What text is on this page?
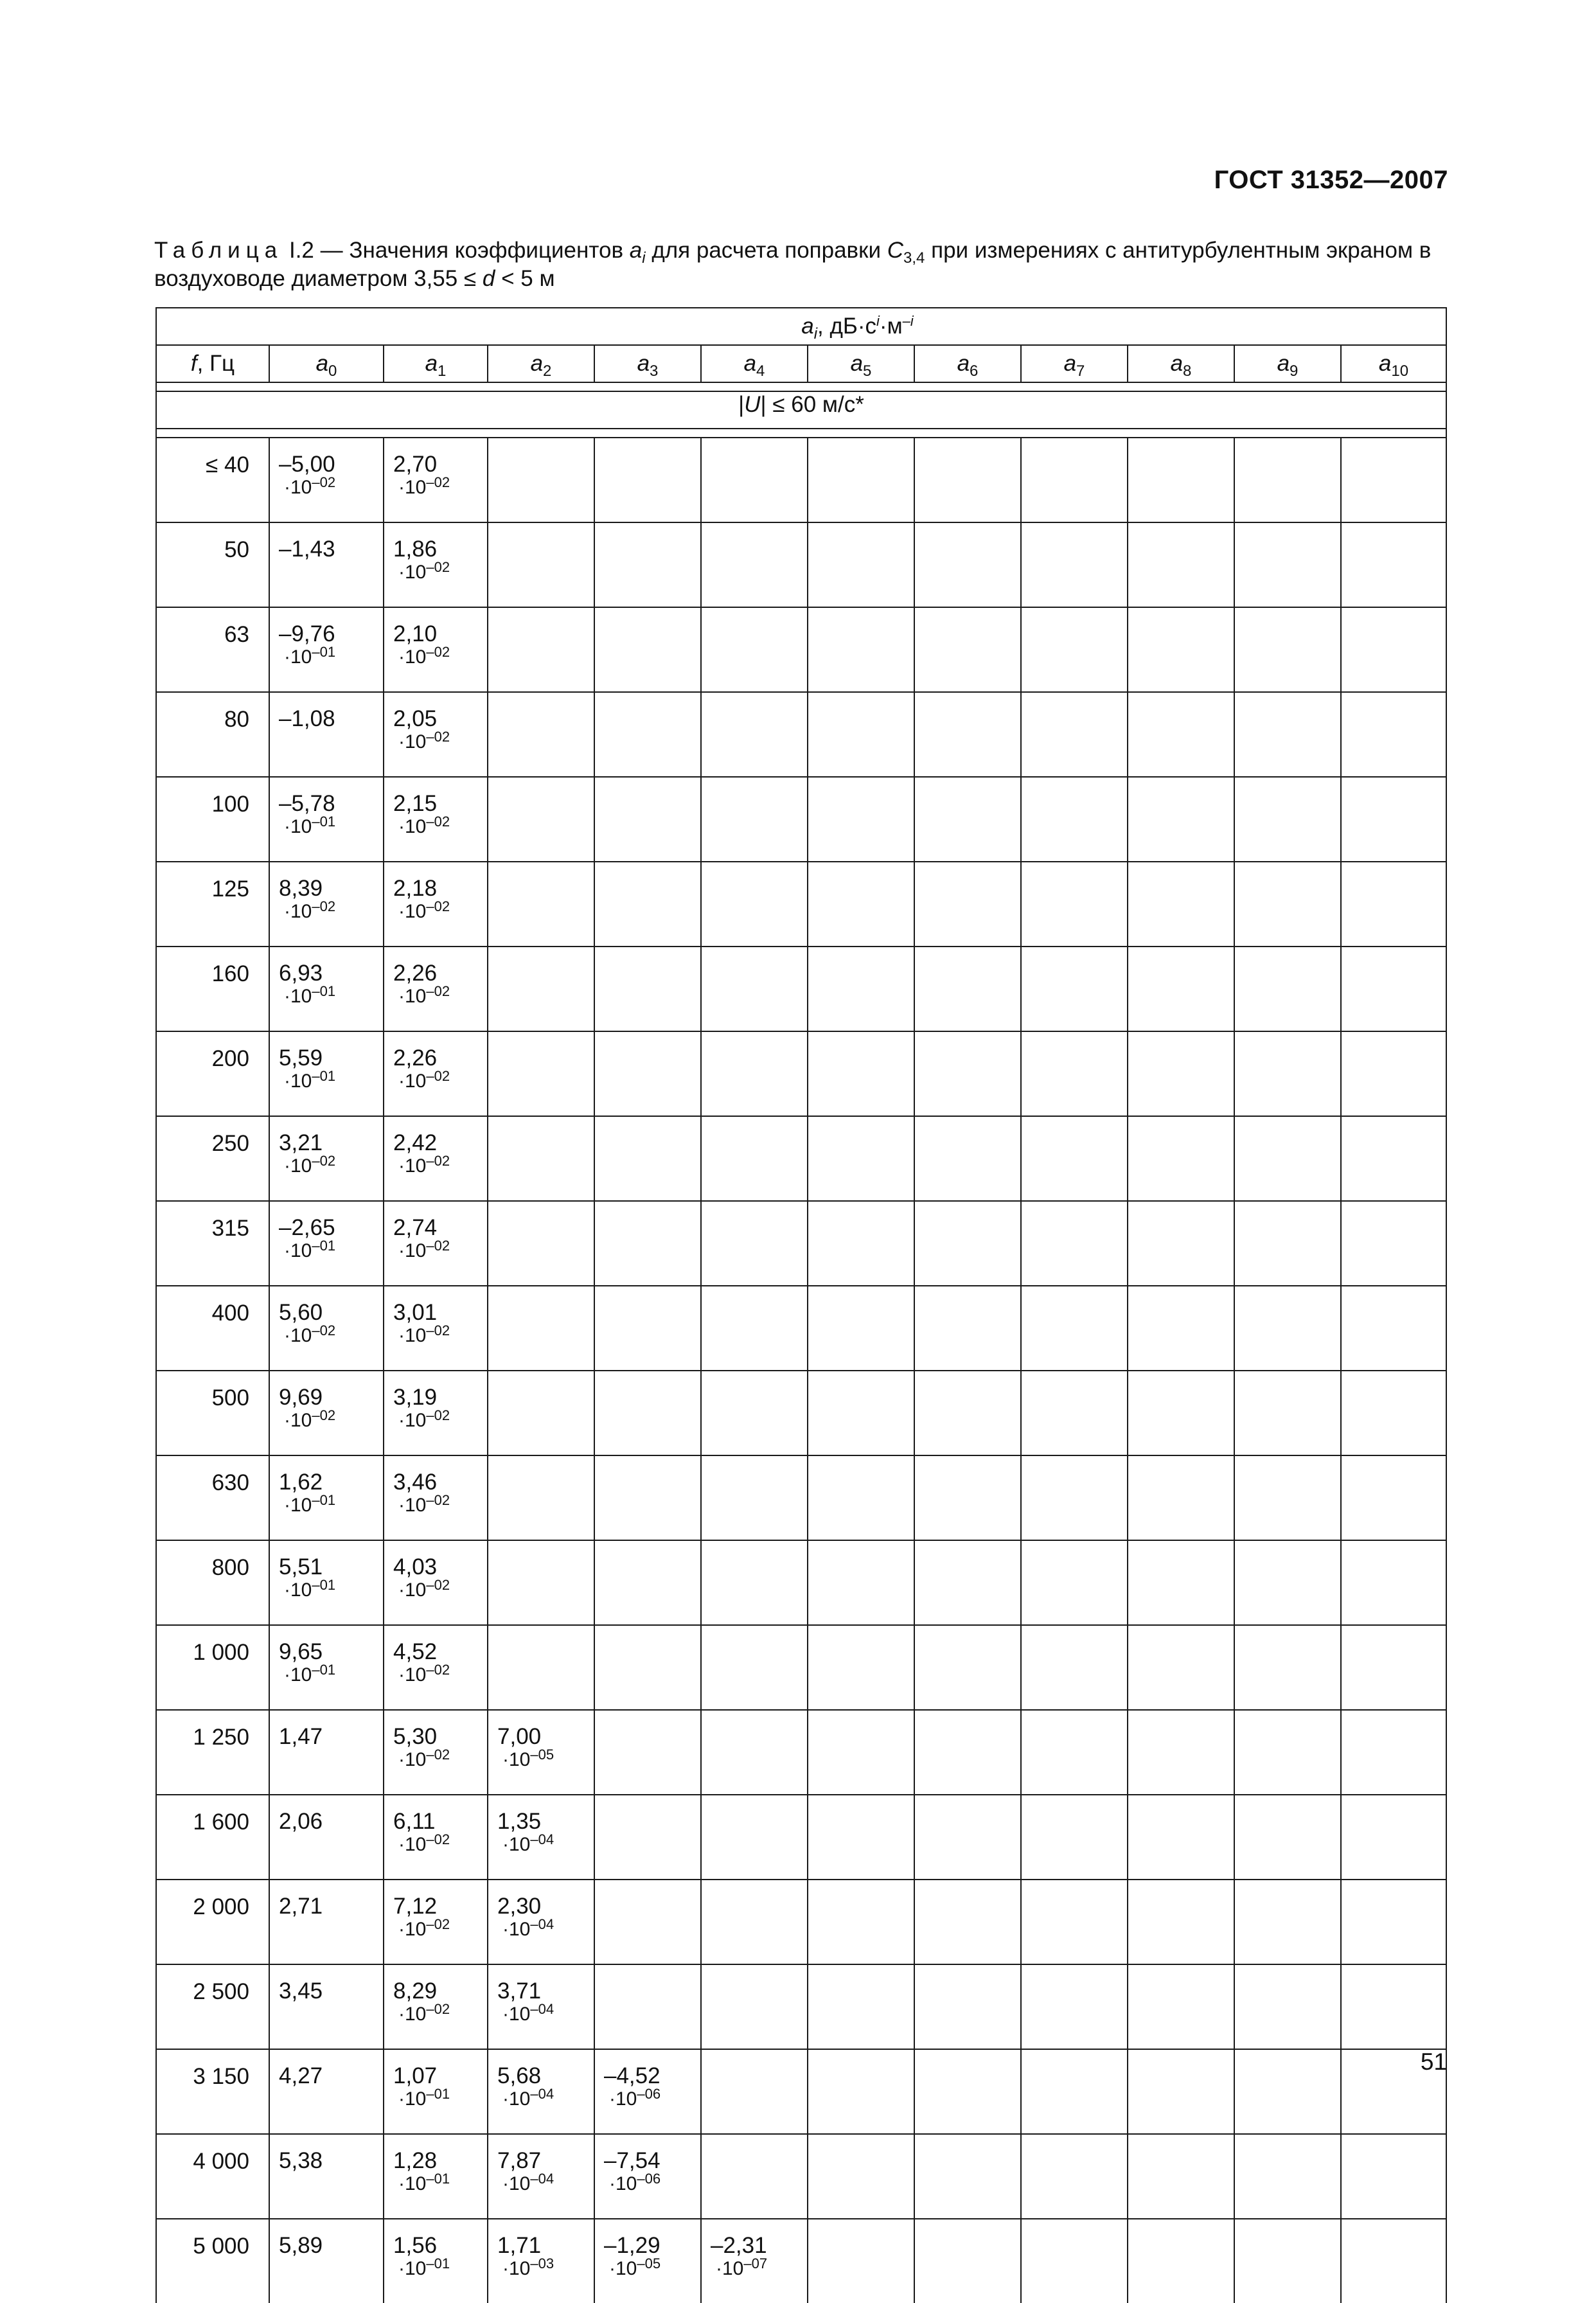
ГОСТ 31352—2007
Таблица I.2 — Значения коэффициентов $a_i$ для расчета поправки $C_{3,4}$ при измерениях с антитурбулентным экраном в воздуховоде диаметром 3,55 ≤ d < 5 м
	$a_i$, $дБ\cdot с^i\cdot м^{-i}$
f, Гц	$a_0$	$a_1$	$a_2$	$a_3$	$a_4$	$a_5$	$a_6$	$a_7$	$a_8$	$a_9$	$a_{10}$

|U| ≤ 60 м/с*											

≤ 40	–5,00
$\cdot 10^{-02}$	2,70
$\cdot 10^{-02}$

50	–1,43	1,86
$\cdot 10^{-02}$

63	–9,76
$\cdot 10^{-01}$	2,10
$\cdot 10^{-02}$

80	–1,08	2,05
$\cdot 10^{-02}$

100	–5,78
$\cdot 10^{-01}$	2,15
$\cdot 10^{-02}$

125	8,39
$\cdot 10^{-02}$	2,18
$\cdot 10^{-02}$

160	6,93
$\cdot 10^{-01}$	2,26
$\cdot 10^{-02}$

200	5,59
$\cdot 10^{-01}$	2,26
$\cdot 10^{-02}$

250	3,21
$\cdot 10^{-02}$	2,42
$\cdot 10^{-02}$

315	–2,65
$\cdot 10^{-01}$	2,74
$\cdot 10^{-02}$

400	5,60
$\cdot 10^{-02}$	3,01
$\cdot 10^{-02}$

500	9,69
$\cdot 10^{-02}$	3,19
$\cdot 10^{-02}$

630	1,62
$\cdot 10^{-01}$	3,46
$\cdot 10^{-02}$

800	5,51
$\cdot 10^{-01}$	4,03
$\cdot 10^{-02}$

1 000	9,65
$\cdot 10^{-01}$	4,52
$\cdot 10^{-02}$

1 250	1,47	5,30
$\cdot 10^{-02}$	7,00
$\cdot 10^{-05}$

1 600	2,06	6,11
$\cdot 10^{-02}$	1,35
$\cdot 10^{-04}$

2 000	2,71	7,12
$\cdot 10^{-02}$	2,30
$\cdot 10^{-04}$

2 500	3,45	8,29
$\cdot 10^{-02}$	3,71
$\cdot 10^{-04}$

3 150	4,27	1,07
$\cdot 10^{-01}$	5,68
$\cdot 10^{-04}$	–4,52
$\cdot 10^{-06}$

4 000	5,38	1,28
$\cdot 10^{-01}$	7,87
$\cdot 10^{-04}$	–7,54
$\cdot 10^{-06}$

5 000	5,89	1,56
$\cdot 10^{-01}$	1,71
$\cdot 10^{-03}$	–1,29
$\cdot 10^{-05}$	–2,31
$\cdot 10^{-07}$

51
